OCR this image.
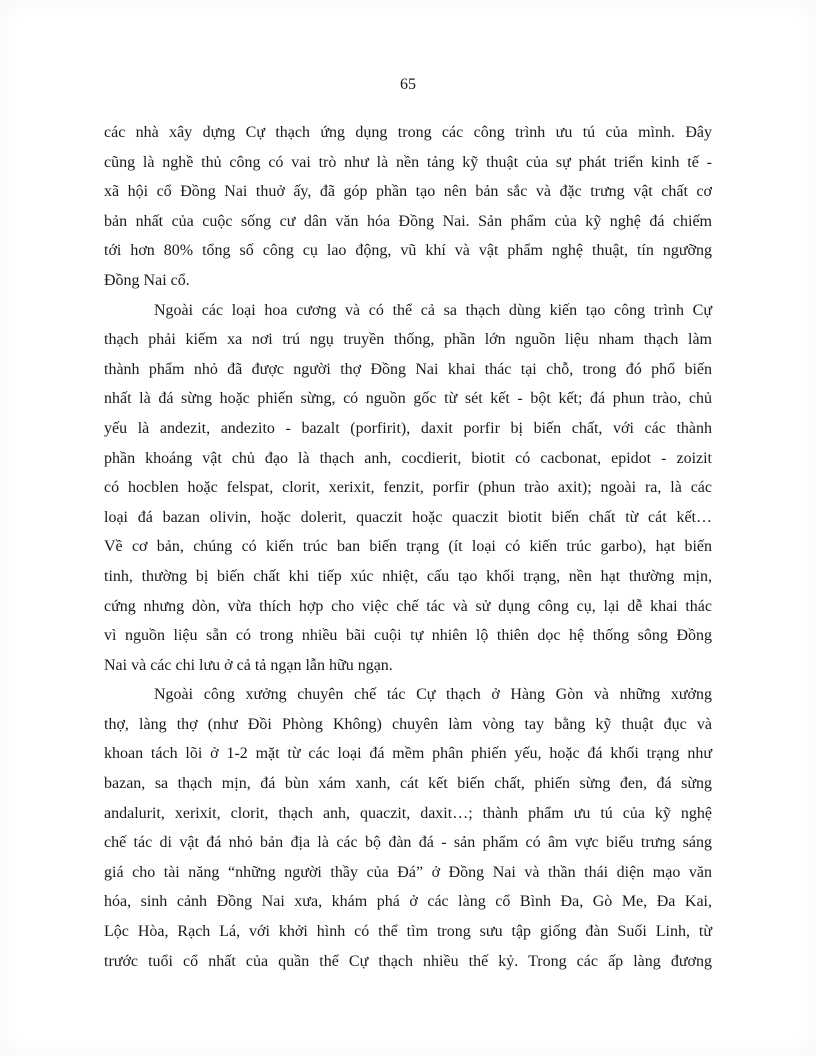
65
các nhà xây dựng Cự thạch ứng dụng trong các công trình ưu tú của mình. Đây
cũng là nghề thủ công có vai trò như là nền tảng kỹ thuật của sự phát triển kinh tế -
xã hội cổ Đồng Nai thuở ấy, đã góp phần tạo nên bản sắc và đặc trưng vật chất cơ
bản nhất của cuộc sống cư dân văn hóa Đồng Nai. Sản phẩm của kỹ nghệ đá chiếm
tới hơn 80% tổng số công cụ lao động, vũ khí và vật phẩm nghệ thuật, tín ngưỡng
Đồng Nai cổ.
Ngoài các loại hoa cương và có thể cả sa thạch dùng kiến tạo công trình Cự
thạch phải kiếm xa nơi trú ngụ truyền thống, phần lớn nguồn liệu nham thạch làm
thành phẩm nhỏ đã được người thợ Đồng Nai khai thác tại chỗ, trong đó phổ biến
nhất là đá sừng hoặc phiến sừng, có nguồn gốc từ sét kết - bột kết; đá phun trào, chủ
yếu là andezit, andezito - bazalt (porfirit), daxit porfir bị biến chất, với các thành
phần khoáng vật chủ đạo là thạch anh, cocdierit, biotit có cacbonat, epidot - zoizit
có hocblen hoặc felspat, clorit, xerixit, fenzit, porfir (phun trào axit); ngoài ra, là các
loại đá bazan olivin, hoặc dolerit, quaczit hoặc quaczit biotit biến chất từ cát kết…
Về cơ bản, chúng có kiến trúc ban biến trạng (ít loại có kiến trúc garbo), hạt biến
tinh, thường bị biến chất khi tiếp xúc nhiệt, cấu tạo khối trạng, nền hạt thường mịn,
cứng nhưng dòn, vừa thích hợp cho việc chế tác và sử dụng công cụ, lại dễ khai thác
vì nguồn liệu sẵn có trong nhiều bãi cuội tự nhiên lộ thiên dọc hệ thống sông Đồng
Nai và các chi lưu ở cả tả ngạn lẫn hữu ngạn.
Ngoài công xưởng chuyên chế tác Cự thạch ở Hàng Gòn và những xưởng
thợ, làng thợ (như Đồi Phòng Không) chuyên làm vòng tay bằng kỹ thuật đục và
khoan tách lõi ở 1-2 mặt từ các loại đá mềm phân phiến yếu, hoặc đá khối trạng như
bazan, sa thạch mịn, đá bùn xám xanh, cát kết biến chất, phiến sừng đen, đá sừng
andalurit, xerixit, clorit, thạch anh, quaczit, daxit…; thành phẩm ưu tú của kỹ nghệ
chế tác di vật đá nhỏ bản địa là các bộ đàn đá - sản phẩm có âm vực biểu trưng sáng
giá cho tài năng “những người thầy của Đá” ở Đồng Nai và thần thái diện mạo văn
hóa, sinh cảnh Đồng Nai xưa, khám phá ở các làng cổ Bình Đa, Gò Me, Đa Kai,
Lộc Hòa, Rạch Lá, với khởi hình có thể tìm trong sưu tập giống đàn Suối Linh, từ
trước tuổi cổ nhất của quần thể Cự thạch nhiều thế kỷ. Trong các ấp làng đương
